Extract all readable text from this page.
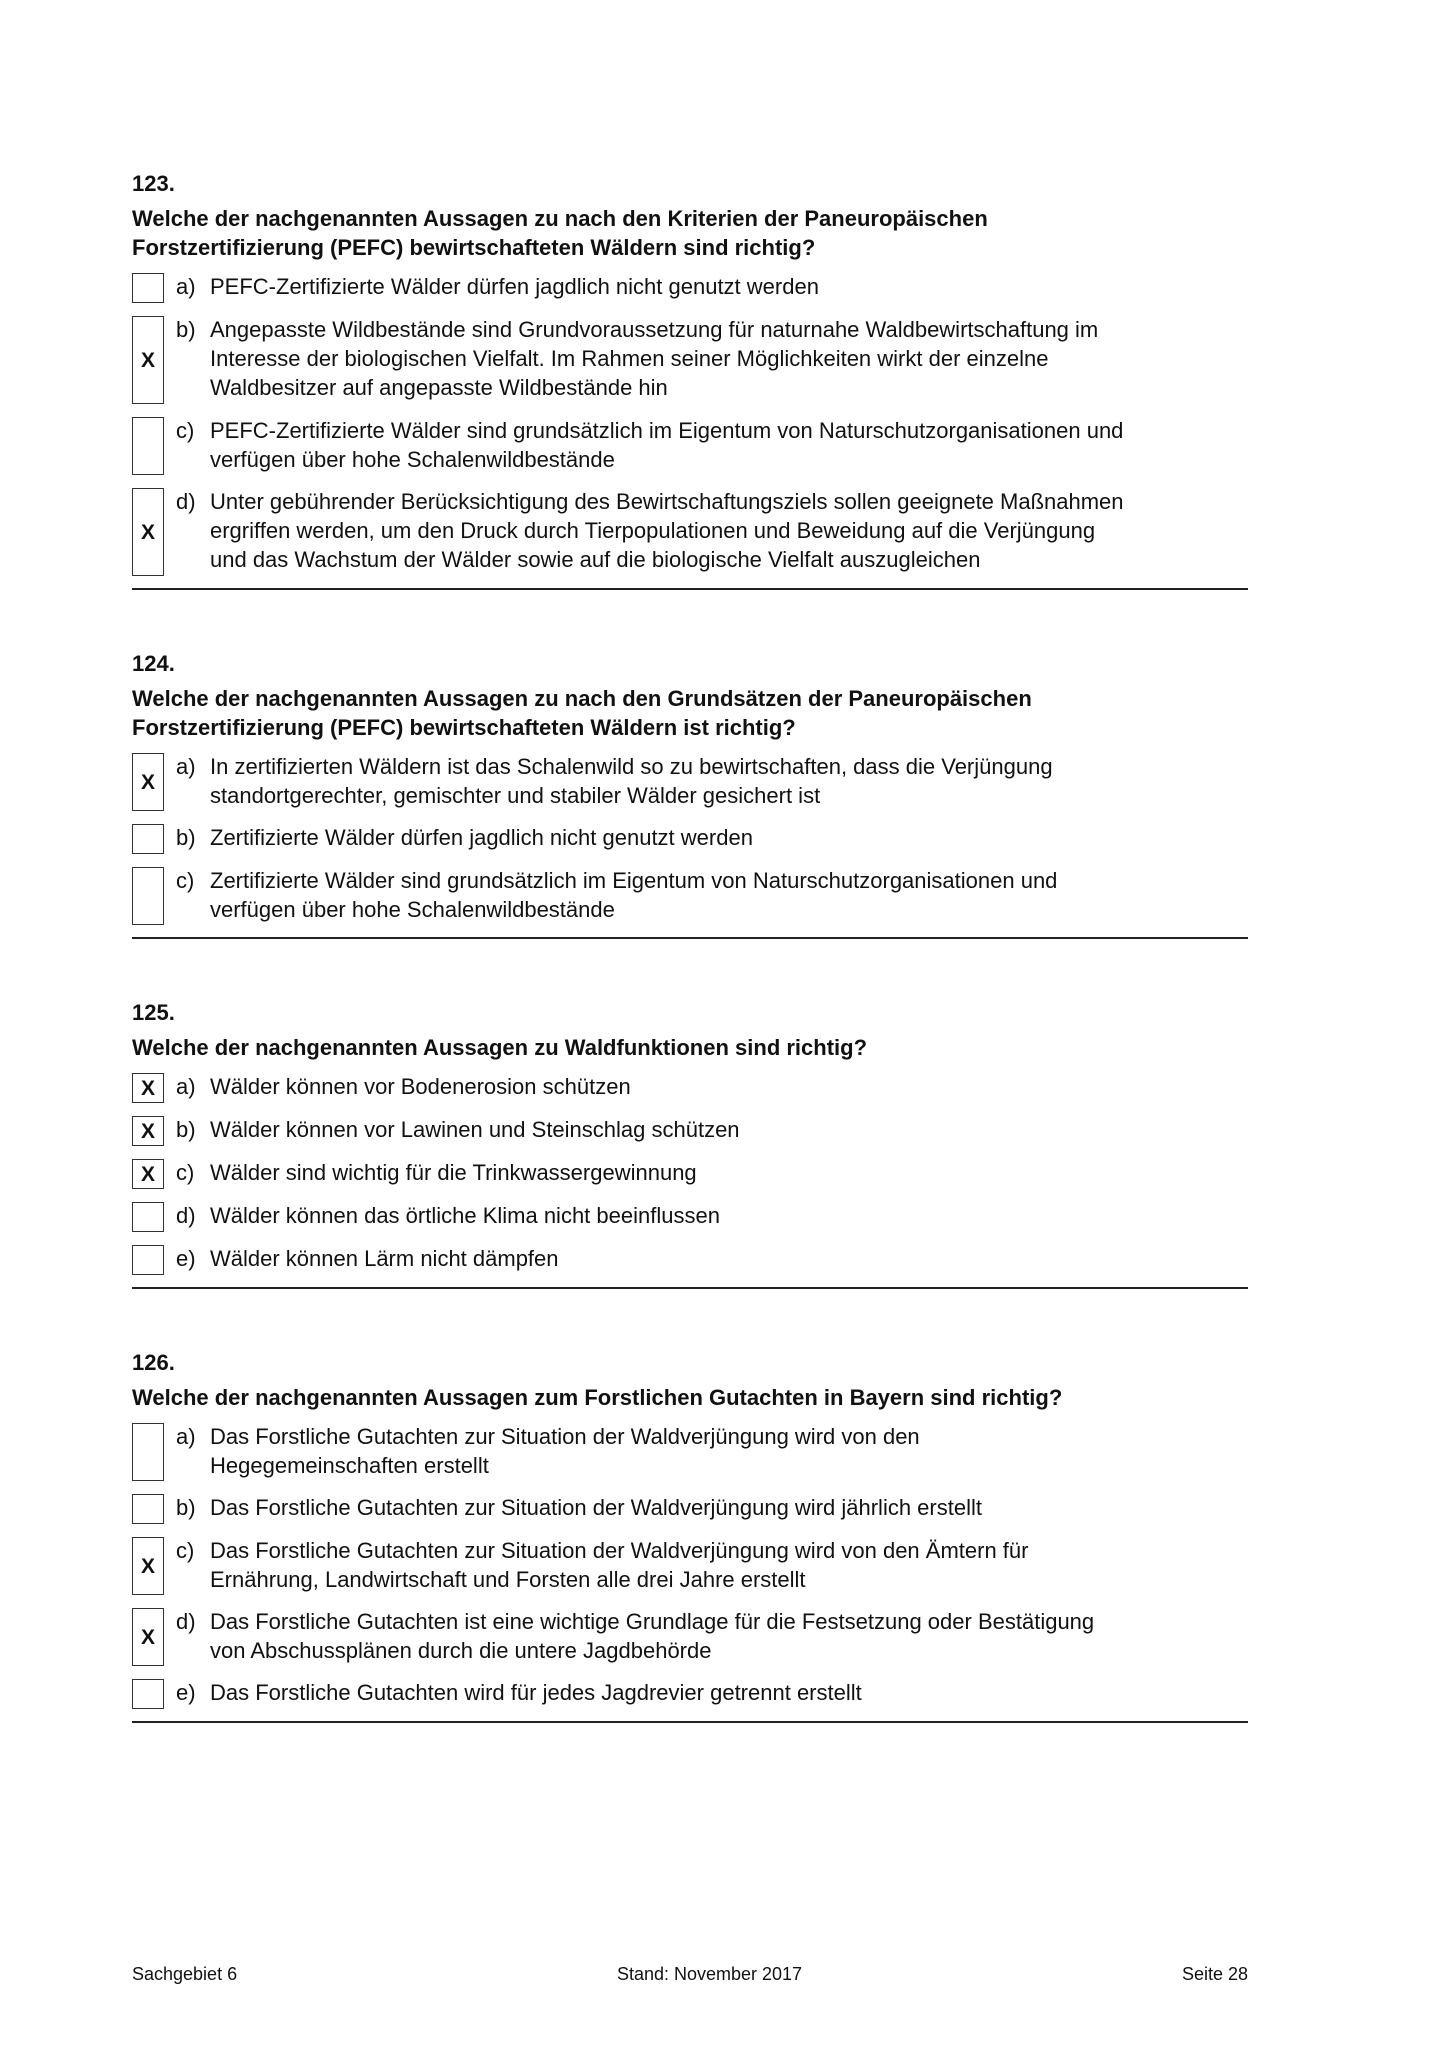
123.
Welche der nachgenannten Aussagen zu nach den Kriterien der Paneuropäischen
Forstzertifizierung (PEFC) bewirtschafteten Wäldern sind richtig?
a) PEFC-Zertifizierte Wälder dürfen jagdlich nicht genutzt werden
X
b) Angepasste Wildbestände sind Grundvoraussetzung für naturnahe Waldbewirtschaftung im
Interesse der biologischen Vielfalt. Im Rahmen seiner Möglichkeiten wirkt der einzelne
Waldbesitzer auf angepasste Wildbestände hin
c) PEFC-Zertifizierte Wälder sind grundsätzlich im Eigentum von Naturschutzorganisationen und
verfügen über hohe Schalenwildbestände
X
d) Unter gebührender Berücksichtigung des Bewirtschaftungsziels sollen geeignete Maßnahmen
ergriffen werden, um den Druck durch Tierpopulationen und Beweidung auf die Verjüngung
und das Wachstum der Wälder sowie auf die biologische Vielfalt auszugleichen
124.
Welche der nachgenannten Aussagen zu nach den Grundsätzen der Paneuropäischen
Forstzertifizierung (PEFC) bewirtschafteten Wäldern ist richtig?
X
a) In zertifizierten Wäldern ist das Schalenwild so zu bewirtschaften, dass die Verjüngung
standortgerechter, gemischter und stabiler Wälder gesichert ist
b) Zertifizierte Wälder dürfen jagdlich nicht genutzt werden
c) Zertifizierte Wälder sind grundsätzlich im Eigentum von Naturschutzorganisationen und
verfügen über hohe Schalenwildbestände
125.
Welche der nachgenannten Aussagen zu Waldfunktionen sind richtig?
X a) Wälder können vor Bodenerosion schützen
X b) Wälder können vor Lawinen und Steinschlag schützen
X c) Wälder sind wichtig für die Trinkwassergewinnung
d) Wälder können das örtliche Klima nicht beeinflussen
e) Wälder können Lärm nicht dämpfen
126.
Welche der nachgenannten Aussagen zum Forstlichen Gutachten in Bayern sind richtig?
a) Das Forstliche Gutachten zur Situation der Waldverjüngung wird von den
Hegegemeinschaften erstellt
b) Das Forstliche Gutachten zur Situation der Waldverjüngung wird jährlich erstellt
X
c) Das Forstliche Gutachten zur Situation der Waldverjüngung wird von den Ämtern für
Ernährung, Landwirtschaft und Forsten alle drei Jahre erstellt
X
d) Das Forstliche Gutachten ist eine wichtige Grundlage für die Festsetzung oder Bestätigung
von Abschussplänen durch die untere Jagdbehörde
e) Das Forstliche Gutachten wird für jedes Jagdrevier getrennt erstellt
Sachgebiet 6	Stand: November 2017	Seite 28
